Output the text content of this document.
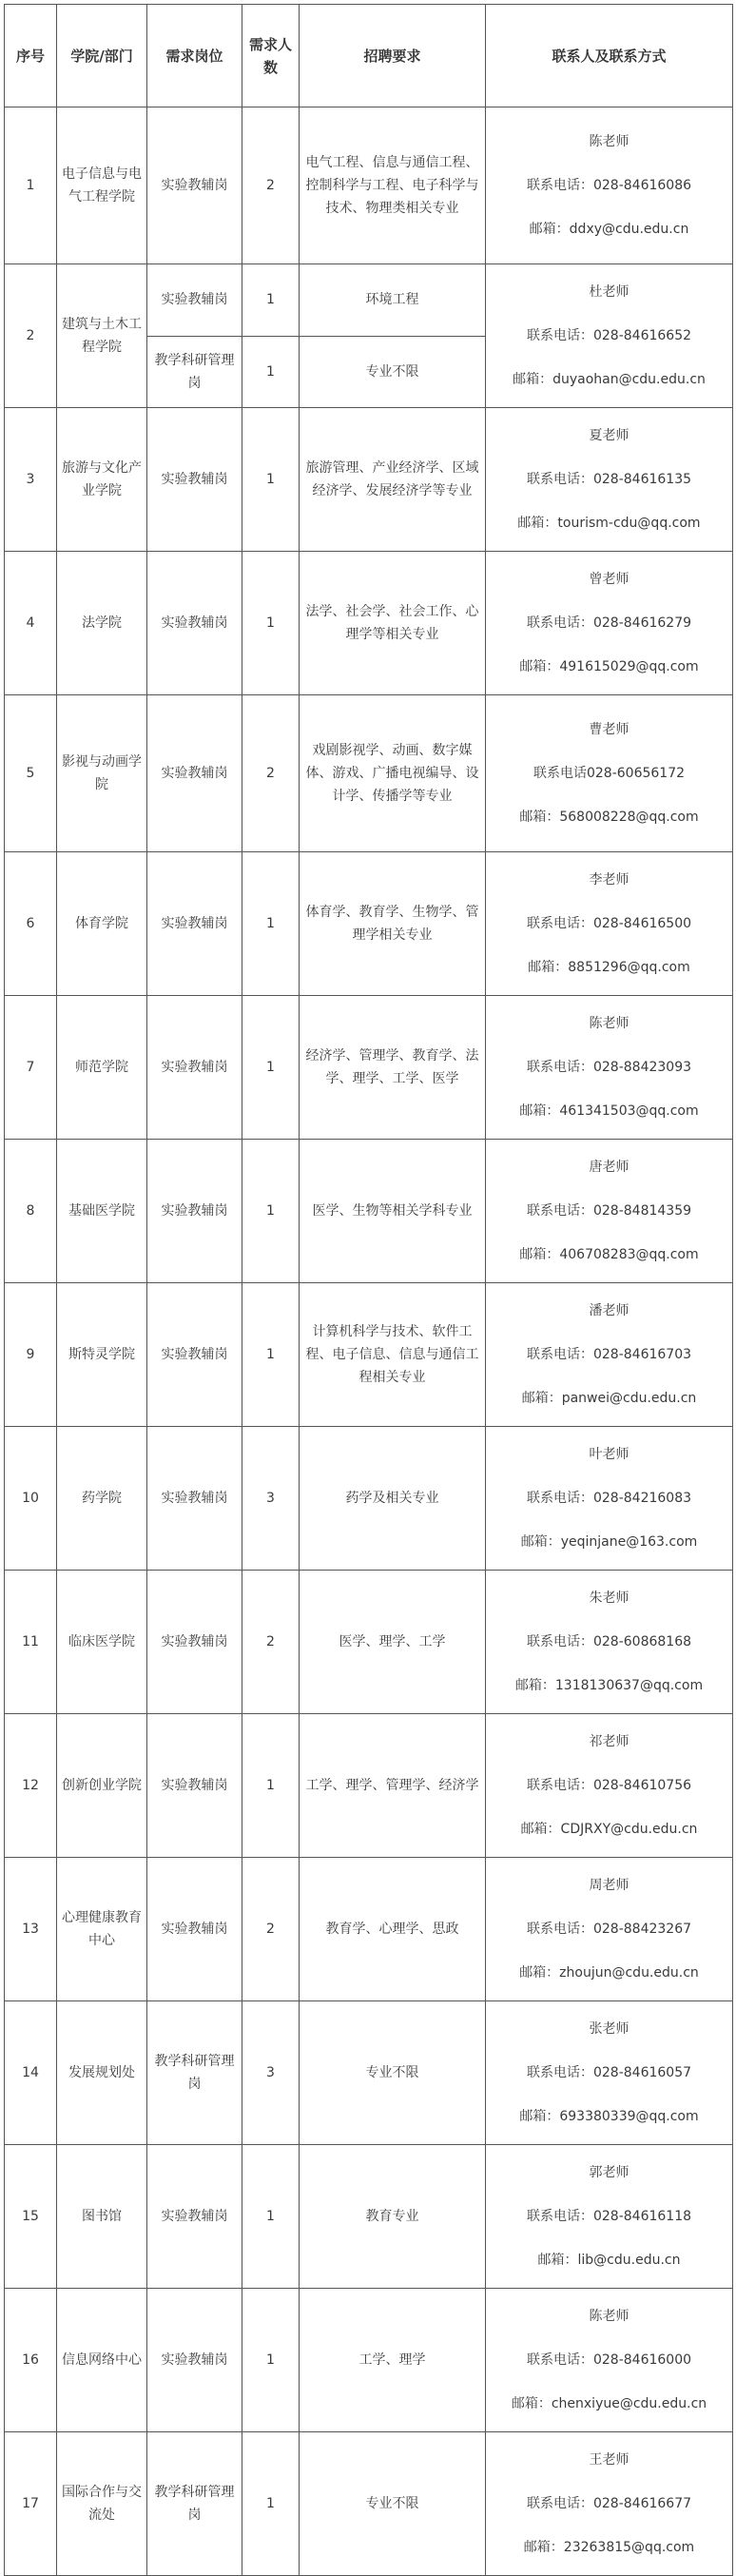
序号	学院/部门	需求岗位	需求人数	招聘要求	联系人及联系方式
1	电子信息与电气工程学院	实验教辅岗	2	电气工程、信息与通信工程、控制科学与工程、电子科学与技术、物理类相关专业	陈老师
联系电话：028-84616086
邮箱：ddxy@cdu.edu.cn

2	建筑与土木工程学院	实验教辅岗	1	环境工程	杜老师
联系电话：028-84616652
邮箱：duyaohan@cdu.edu.cn

		教学科研管理岗	1	专业不限	
3	旅游与文化产业学院	实验教辅岗	1	旅游管理、产业经济学、区域经济学、发展经济学等专业	夏老师
联系电话：028-84616135
邮箱：tourism-cdu@qq.com

4	法学院	实验教辅岗	1	法学、社会学、社会工作、心理学等相关专业	曾老师
联系电话：028-84616279
邮箱：491615029@qq.com

5	影视与动画学院	实验教辅岗	2	戏剧影视学、动画、数字媒体、游戏、广播电视编导、设计学、传播学等专业	曹老师
联系电话028-60656172
邮箱：568008228@qq.com

6	体育学院	实验教辅岗	1	体育学、教育学、生物学、管理学相关专业	李老师
联系电话：028-84616500
邮箱：8851296@qq.com

7	师范学院	实验教辅岗	1	经济学、管理学、教育学、法学、理学、工学、医学	陈老师
联系电话：028-88423093
邮箱：461341503@qq.com

8	基础医学院	实验教辅岗	1	医学、生物等相关学科专业	唐老师
联系电话：028-84814359
邮箱：406708283@qq.com

9	斯特灵学院	实验教辅岗	1	计算机科学与技术、软件工程、电子信息、信息与通信工程相关专业	潘老师
联系电话：028-84616703
邮箱：panwei@cdu.edu.cn

10	药学院	实验教辅岗	3	药学及相关专业	叶老师
联系电话：028-84216083
邮箱：yeqinjane@163.com

11	临床医学院	实验教辅岗	2	医学、理学、工学	朱老师
联系电话：028-60868168
邮箱：1318130637@qq.com

12	创新创业学院	实验教辅岗	1	工学、理学、管理学、经济学	祁老师
联系电话：028-84610756
邮箱：CDJRXY@cdu.edu.cn

13	心理健康教育中心	实验教辅岗	2	教育学、心理学、思政	周老师
联系电话：028-88423267
邮箱：zhoujun@cdu.edu.cn

14	发展规划处	教学科研管理岗	3	专业不限	张老师
联系电话：028-84616057
邮箱：693380339@qq.com

15	图书馆	实验教辅岗	1	教育专业	郭老师
联系电话：028-84616118
邮箱：lib@cdu.edu.cn

16	信息网络中心	实验教辅岗	1	工学、理学	陈老师
联系电话：028-84616000
邮箱：chenxiyue@cdu.edu.cn

17	国际合作与交流处	教学科研管理岗	1	专业不限	王老师
联系电话：028-84616677
邮箱：23263815@qq.com
